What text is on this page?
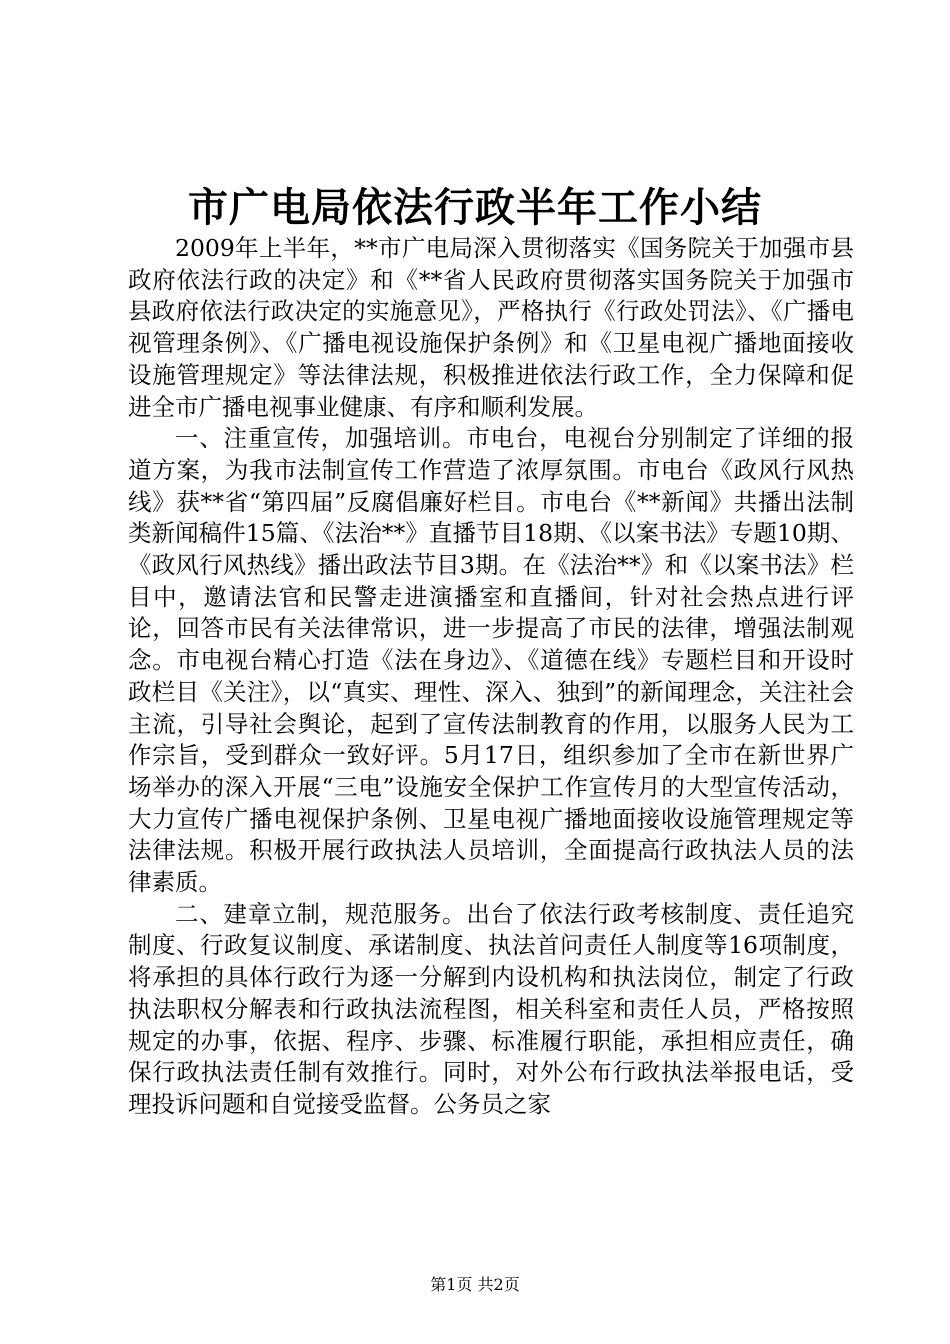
市广电局依法行政半年工作小结

2009年上半年，**市广电局深入贯彻落实《国务院关于加强市县政府依法行政的决定》和《**省人民政府贯彻落实国务院关于加强市县政府依法行政决定的实施意见》，严格执行《行政处罚法》、《广播电视管理条例》、《广播电视设施保护条例》和《卫星电视广播地面接收设施管理规定》等法律法规，积极推进依法行政工作，全力保障和促进全市广播电视事业健康、有序和顺利发展。

一、注重宣传，加强培训。市电台，电视台分别制定了详细的报道方案，为我市法制宣传工作营造了浓厚氛围。市电台《政风行风热线》获**省“第四届”反腐倡廉好栏目。市电台《**新闻》共播出法制类新闻稿件15篇、《法治**》直播节目18期、《以案书法》专题10期、《政风行风热线》播出政法节目3期。在《法治**》和《以案书法》栏目中，邀请法官和民警走进演播室和直播间，针对社会热点进行评论，回答市民有关法律常识，进一步提高了市民的法律，增强法制观念。市电视台精心打造《法在身边》、《道德在线》专题栏目和开设时政栏目《关注》，以“真实、理性、深入、独到”的新闻理念，关注社会主流，引导社会舆论，起到了宣传法制教育的作用，以服务人民为工作宗旨，受到群众一致好评。5月17日，组织参加了全市在新世界广场举办的深入开展“三电”设施安全保护工作宣传月的大型宣传活动，大力宣传广播电视保护条例、卫星电视广播地面接收设施管理规定等法律法规。积极开展行政执法人员培训，全面提高行政执法人员的法律素质。

二、建章立制，规范服务。出台了依法行政考核制度、责任追究制度、行政复议制度、承诺制度、执法首问责任人制度等16项制度，将承担的具体行政行为逐一分解到内设机构和执法岗位，制定了行政执法职权分解表和行政执法流程图，相关科室和责任人员，严格按照规定的办事，依据、程序、步骤、标准履行职能，承担相应责任，确保行政执法责任制有效推行。同时，对外公布行政执法举报电话，受理投诉问题和自觉接受监督。公务员之家

第1页 共2页
